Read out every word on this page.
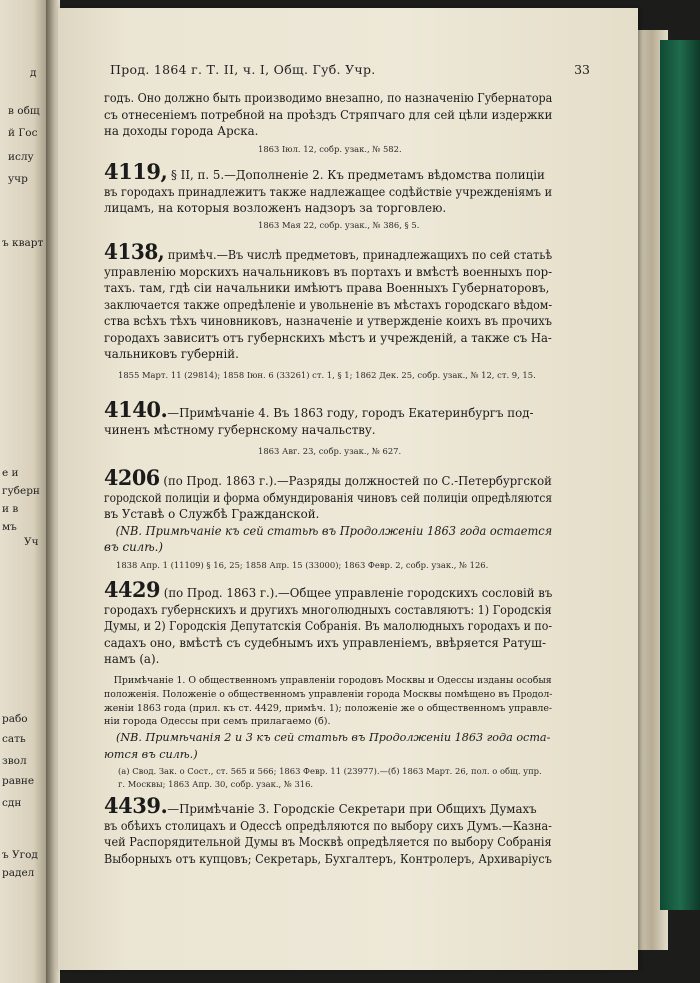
д
в общ
й Гос
ислу
учр
ъ кварт
е и
губерн
и в
мъ
Уч
рабо
сать
звол
равне
сдн
ъ Угод
радел
Прод. 1864 г. Т. II, ч. I, Общ. Губ. Учр.	33
годъ. Оно должно быть производимо внезапно, по назначенію Губернатора
съ отнесеніемъ потребной на проѣздъ Стряпчаго для сей цѣли издержки
на доходы города Арска.
1863 Іюл. 12, собр. узак., № 582.
4119, § II, п. 5.—Дополненіе 2. Къ предметамъ вѣдомства полиціи
въ городахъ принадлежитъ также надлежащее содѣйствіе учрежденіямъ и
лицамъ, на которыя возложенъ надзоръ за торговлею.
1863 Мая 22, собр. узак., № 386, § 5.
4138, примѣч.—Въ числѣ предметовъ, принадлежащихъ по сей статьѣ
управленію морскихъ начальниковъ въ портахъ и вмѣстѣ военныхъ пор-
тахъ. там, гдѣ сіи начальники имѣютъ права Военныхъ Губернаторовъ,
заключается также опредѣленіе и увольненіе въ мѣстахъ городскаго вѣдом-
ства всѣхъ тѣхъ чиновниковъ, назначеніе и утвержденіе коихъ въ прочихъ
городахъ зависитъ отъ губернскихъ мѣстъ и учрежденій, а также съ На-
чальниковъ губерній.
1855 Март. 11 (29814); 1858 Іюн. 6 (33261) ст. 1, § 1; 1862 Дек. 25, собр. узак., № 12, ст. 9, 15.
4140.—Примѣчаніе 4. Въ 1863 году, городъ Екатеринбургъ под-
чиненъ мѣстному губернскому начальству.
1863 Авг. 23, собр. узак., № 627.
4206 (по Прод. 1863 г.).—Разряды должностей по С.-Петербургской
городской полиціи и форма обмундированія чиновъ сей полиціи опредѣляются
въ Уставѣ о Службѣ Гражданской.
(NB. Примѣчаніе къ сей статьѣ въ Продолженіи 1863 года остается
въ силѣ.)
1838 Апр. 1 (11109) § 16, 25; 1858 Апр. 15 (33000); 1863 Февр. 2, собр. узак., № 126.
4429 (по Прод. 1863 г.).—Общее управленіе городскихъ сословій въ
городахъ губернскихъ и другихъ многолюдныхъ составляютъ: 1) Городскія
Думы, и 2) Городскія Депутатскія Собранія. Въ малолюдныхъ городахъ и по-
садахъ оно, вмѣстѣ съ судебнымъ ихъ управленіемъ, ввѣряется Ратуш-
намъ (а).
Примѣчаніе 1. О общественномъ управленіи городовъ Москвы и Одессы изданы особыя
положенія. Положеніе о общественномъ управленіи города Москвы помѣщено въ Продол-
женіи 1863 года (прил. къ ст. 4429, примѣч. 1); положеніе же о общественномъ управле-
ніи города Одессы при семъ прилагаемо (б).
(NB. Примѣчанія 2 и 3 къ сей статьѣ въ Продолженіи 1863 года оста-
ются въ силѣ.)
(а) Свод. Зак. о Сост., ст. 565 и 566; 1863 Февр. 11 (23977).—(б) 1863 Март. 26, пол. о общ. упр.
г. Москвы; 1863 Апр. 30, собр. узак., № 316.
4439.—Примѣчаніе 3. Городскіе Секретари при Общихъ Думахъ
въ обѣихъ столицахъ и Одессѣ опредѣляются по выбору сихъ Думъ.—Казна-
чей Распорядительной Думы въ Москвѣ опредѣляется по выбору Собранія
Выборныхъ отъ купцовъ; Секретарь, Бухгалтеръ, Контролеръ, Архиваріусъ
